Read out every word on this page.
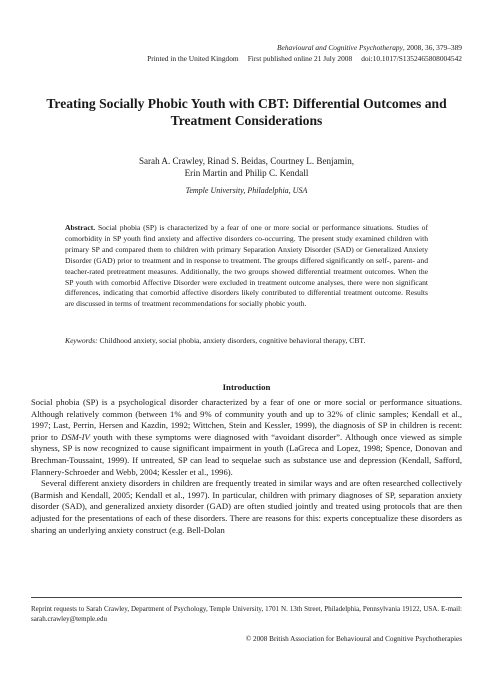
Behavioural and Cognitive Psychotherapy, 2008, 36, 379–389
Printed in the United Kingdom First published online 21 July 2008 doi:10.1017/S1352465808004542
Treating Socially Phobic Youth with CBT: Differential Outcomes and Treatment Considerations
Sarah A. Crawley, Rinad S. Beidas, Courtney L. Benjamin,
Erin Martin and Philip C. Kendall
Temple University, Philadelphia, USA
Abstract. Social phobia (SP) is characterized by a fear of one or more social or performance situations. Studies of comorbidity in SP youth find anxiety and affective disorders co-occurring. The present study examined children with primary SP and compared them to children with primary Separation Anxiety Disorder (SAD) or Generalized Anxiety Disorder (GAD) prior to treatment and in response to treatment. The groups differed significantly on self-, parent- and teacher-rated pretreatment measures. Additionally, the two groups showed differential treatment outcomes. When the SP youth with comorbid Affective Disorder were excluded in treatment outcome analyses, there were non significant differences, indicating that comorbid affective disorders likely contributed to differential treatment outcome. Results are discussed in terms of treatment recommendations for socially phobic youth.
Keywords: Childhood anxiety, social phobia, anxiety disorders, cognitive behavioral therapy, CBT.
Introduction

Social phobia (SP) is a psychological disorder characterized by a fear of one or more social or performance situations. Although relatively common (between 1% and 9% of community youth and up to 32% of clinic samples; Kendall et al., 1997; Last, Perrin, Hersen and Kazdin, 1992; Wittchen, Stein and Kessler, 1999), the diagnosis of SP in children is recent: prior to DSM-IV youth with these symptoms were diagnosed with “avoidant disorder”. Although once viewed as simple shyness, SP is now recognized to cause significant impairment in youth (LaGreca and Lopez, 1998; Spence, Donovan and Brechman-Toussaint, 1999). If untreated, SP can lead to sequelae such as substance use and depression (Kendall, Safford, Flannery-Schroeder and Webb, 2004; Kessler et al., 1996).

Several different anxiety disorders in children are frequently treated in similar ways and are often researched collectively (Barmish and Kendall, 2005; Kendall et al., 1997). In particular, children with primary diagnoses of SP, separation anxiety disorder (SAD), and generalized anxiety disorder (GAD) are often studied jointly and treated using protocols that are then adjusted for the presentations of each of these disorders. There are reasons for this: experts conceptualize these disorders as sharing an underlying anxiety construct (e.g. Bell-Dolan

Reprint requests to Sarah Crawley, Department of Psychology, Temple University, 1701 N. 13th Street, Philadelphia, Pennsylvania 19122, USA. E-mail: sarah.crawley@temple.edu
© 2008 British Association for Behavioural and Cognitive Psychotherapies
